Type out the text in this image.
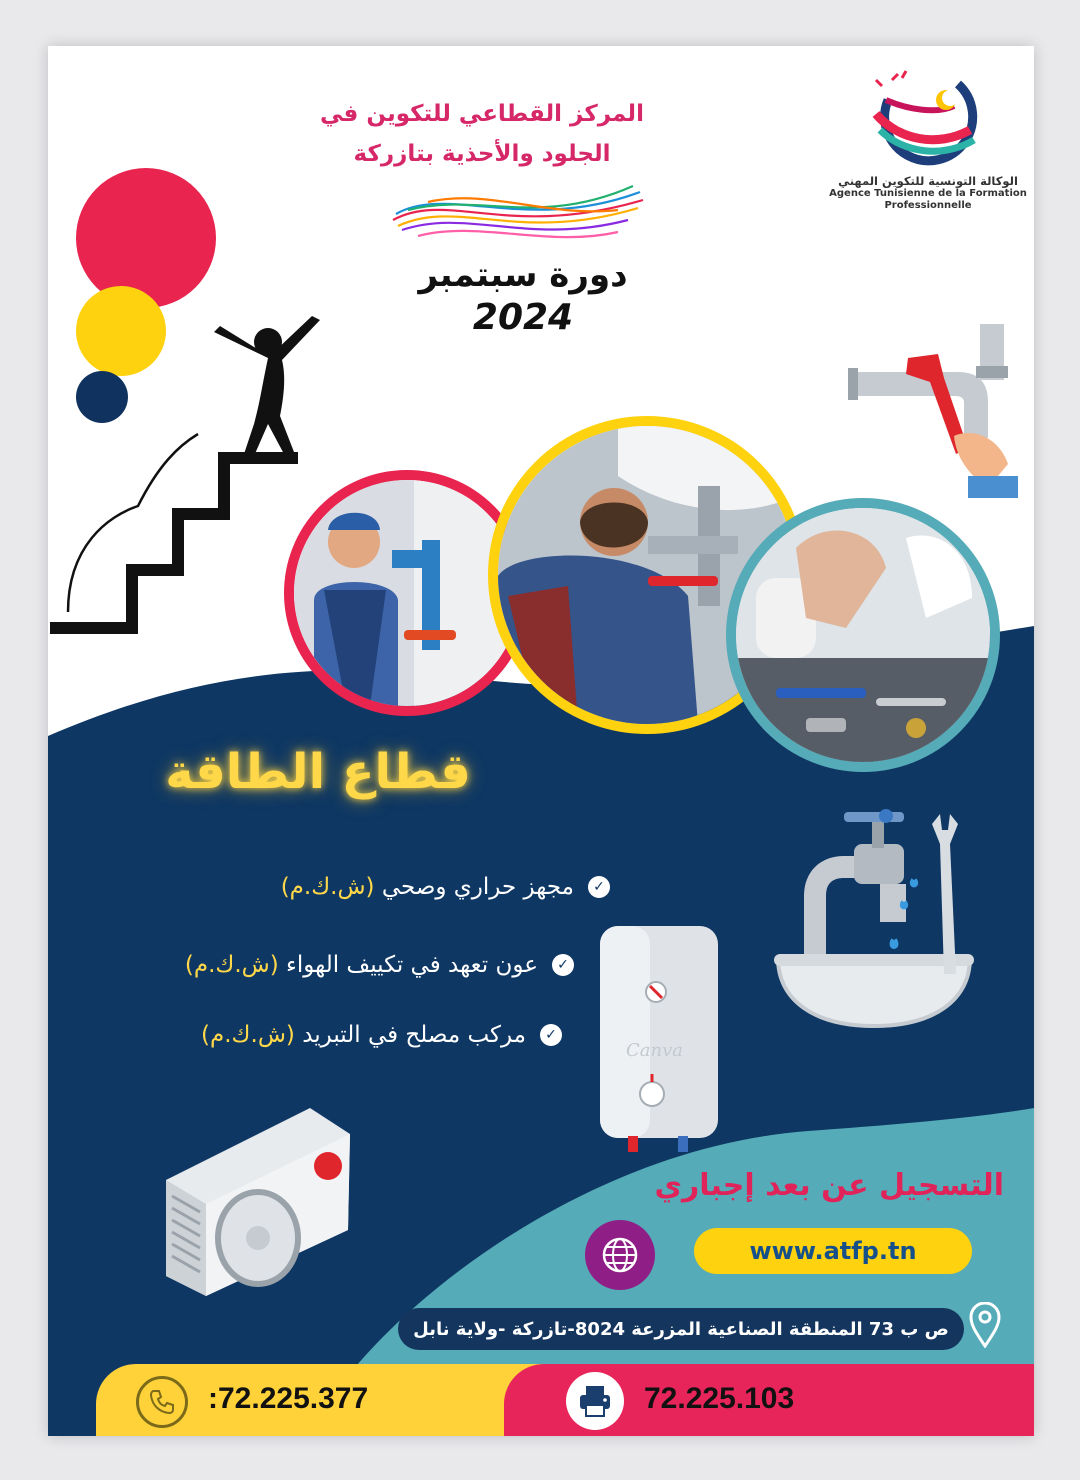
المركز القطاعي للتكوين في
الجلود والأحذية بتازركة
دورة سبتمبر
2024
الوكالة التونسية للتكوين المهني
Agence Tunisienne de la Formation
Professionnelle
قطاع الطاقة
✓
مجهز حراري وصحي (ش.ك.م)
✓
عون تعهد في تكييف الهواء (ش.ك.م)
✓
مركب مصلح في التبريد (ش.ك.م)
Canva
التسجيل عن بعد إجباري
www.atfp.tn
ص ب 73 المنطقة الصناعية المزرعة 8024-تازركة -ولاية نابل
:72.225.377	72.225.103
